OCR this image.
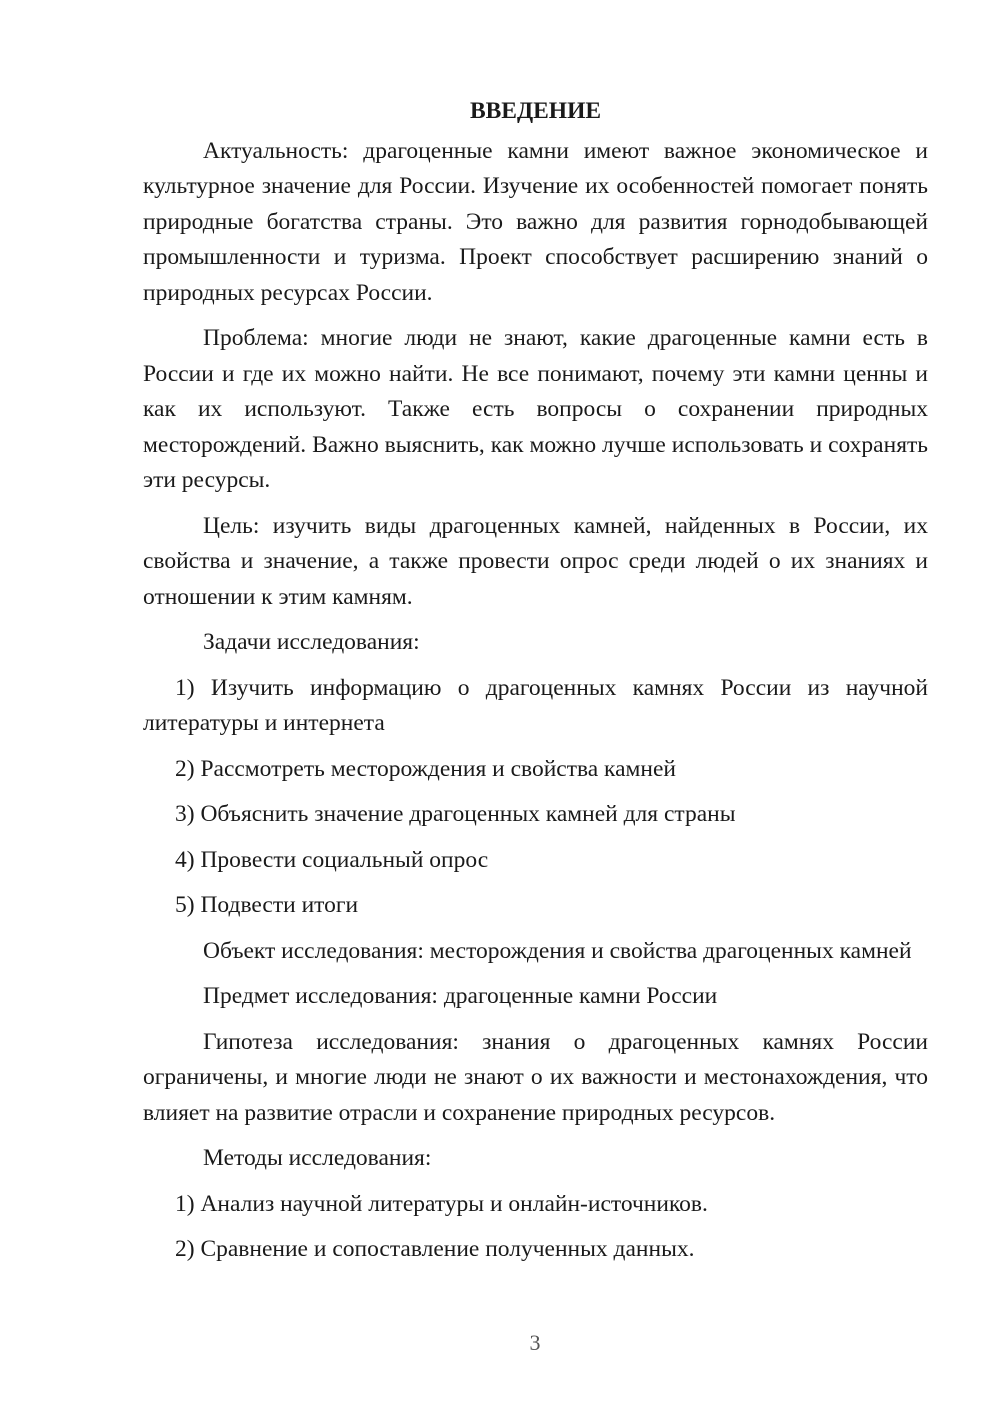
ВВЕДЕНИЕ

Актуальность: драгоценные камни имеют важное экономическое и культурное значение для России. Изучение их особенностей помогает понять природные богатства страны. Это важно для развития горнодобывающей промышленности и туризма. Проект способствует расширению знаний о природных ресурсах России.

Проблема: многие люди не знают, какие драгоценные камни есть в России и где их можно найти. Не все понимают, почему эти камни ценны и как их используют. Также есть вопросы о сохранении природных месторождений. Важно выяснить, как можно лучше использовать и сохранять эти ресурсы.

Цель: изучить виды драгоценных камней, найденных в России, их свойства и значение, а также провести опрос среди людей о их знаниях и отношении к этим камням.

Задачи исследования:

1) Изучить информацию о драгоценных камнях России из научной литературы и интернета

2) Рассмотреть месторождения и свойства камней

3) Объяснить значение драгоценных камней для страны

4) Провести социальный опрос

5) Подвести итоги

Объект исследования: месторождения и свойства драгоценных камней

Предмет исследования: драгоценные камни России

Гипотеза исследования: знания о драгоценных камнях России ограничены, и многие люди не знают о их важности и местонахождения, что влияет на развитие отрасли и сохранение природных ресурсов.

Методы исследования:

1) Анализ научной литературы и онлайн-источников.

2) Сравнение и сопоставление полученных данных.

3
